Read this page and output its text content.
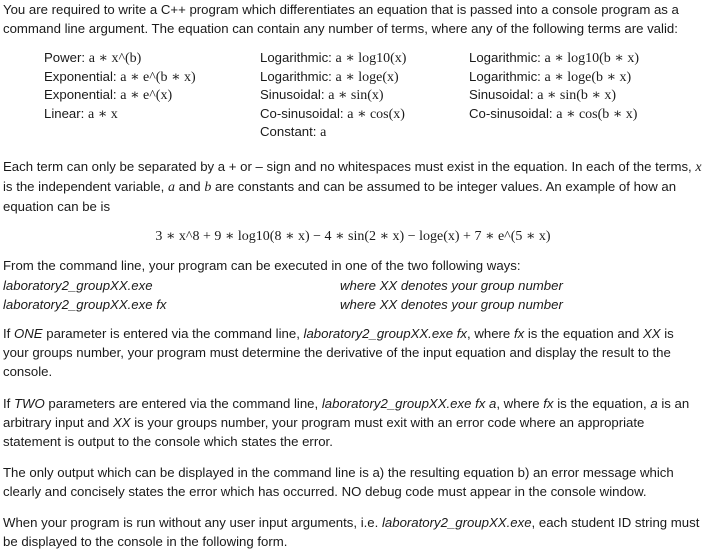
You are required to write a C++ program which differentiates an equation that is passed into a console program as a command line argument. The equation can contain any number of terms, where any of the following terms are valid:

Power: a ∗ x^(b)
Exponential: a ∗ e^(b ∗ x)
Exponential: a ∗ e^(x)
Linear: a ∗ x
Logarithmic: a ∗ log10(x)
Logarithmic: a ∗ loge(x)
Sinusoidal: a ∗ sin(x)
Co-sinusoidal: a ∗ cos(x)
Constant: a
Logarithmic: a ∗ log10(b ∗ x)
Logarithmic: a ∗ loge(b ∗ x)
Sinusoidal: a ∗ sin(b ∗ x)
Co-sinusoidal: a ∗ cos(b ∗ x)

Each term can only be separated by a + or – sign and no whitespaces must exist in the equation. In each of the terms, x is the independent variable, a and b are constants and can be assumed to be integer values. An example of how an equation can be is

3 ∗ x^8 + 9 ∗ log10(8 ∗ x) − 4 ∗ sin(2 ∗ x) − loge(x) + 7 ∗ e^(5 ∗ x)

From the command line, your program can be executed in one of the two following ways:

laboratory2_groupXX.exe	where XX denotes your group number
laboratory2_groupXX.exe fx	where XX denotes your group number

If ONE parameter is entered via the command line, laboratory2_groupXX.exe fx, where fx is the equation and XX is your groups number, your program must determine the derivative of the input equation and display the result to the console.

If TWO parameters are entered via the command line, laboratory2_groupXX.exe fx a, where fx is the equation, a is an arbitrary input and XX is your groups number, your program must exit with an error code where an appropriate statement is output to the console which states the error.

The only output which can be displayed in the command line is a) the resulting equation b) an error message which clearly and concisely states the error which has occurred. NO debug code must appear in the console window.

When your program is run without any user input arguments, i.e. laboratory2_groupXX.exe, each student ID string must be displayed to the console in the following form.
